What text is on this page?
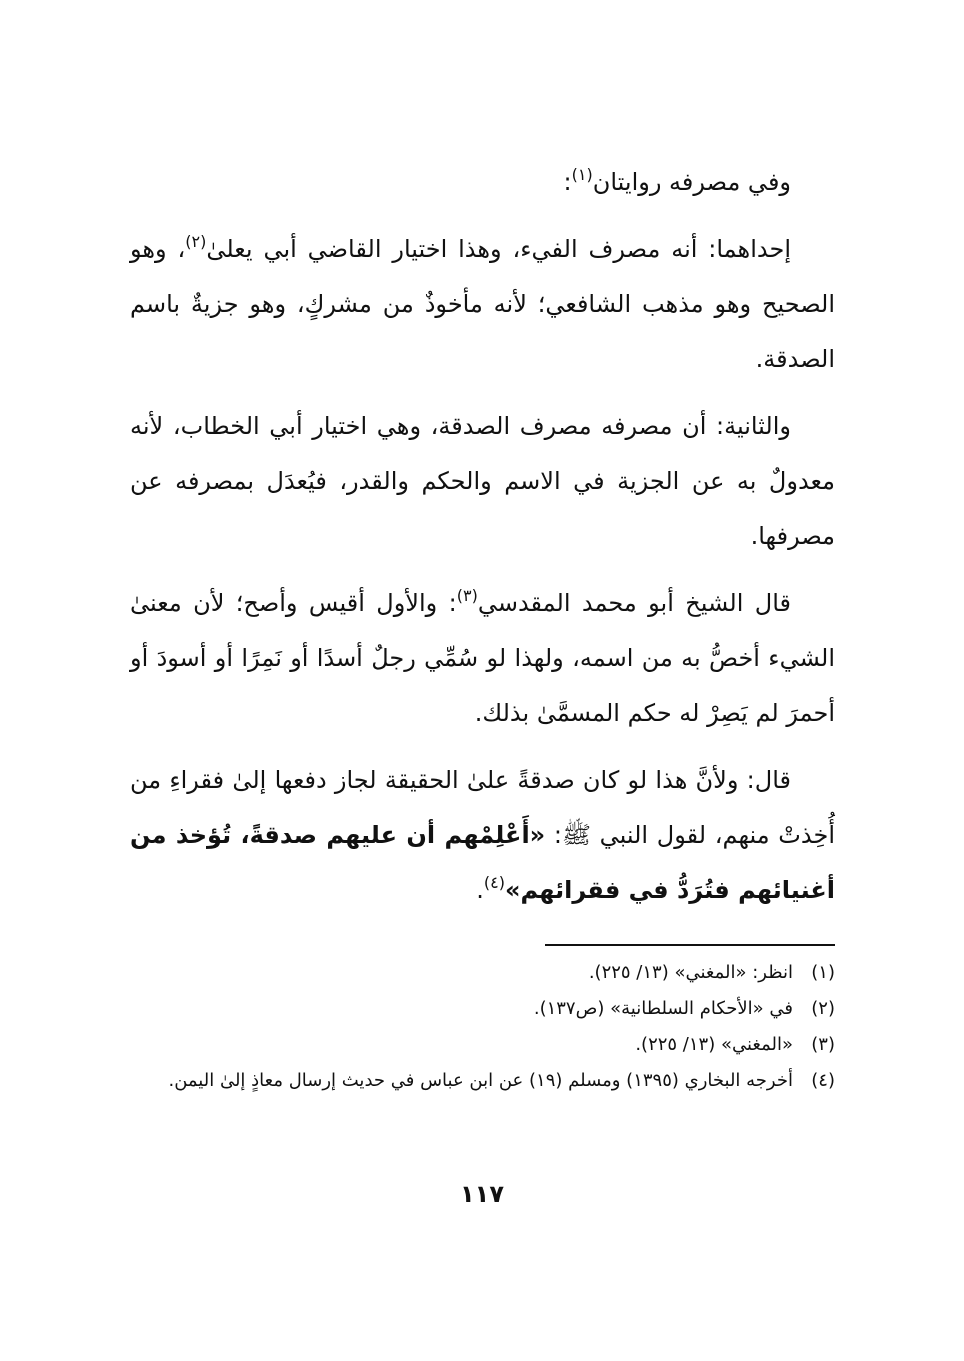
وفي مصرفه روايتان$^{(١)}$:

إحداهما: أنه مصرف الفيء، وهذا اختيار القاضي أبي يعلىٰ$^{(٢)}$، وهو الصحيح وهو مذهب الشافعي؛ لأنه مأخوذٌ من مشركٍ، وهو جزيةٌ باسم الصدقة.

والثانية: أن مصرفه مصرف الصدقة، وهي اختيار أبي الخطاب، لأنه معدولٌ به عن الجزية في الاسم والحكم والقدر، فيُعدَل بمصرفه عن مصرفها.

قال الشيخ أبو محمد المقدسي$^{(٣)}$: والأول أقيس وأصح؛ لأن معنىٰ الشيء أخصُّ به من اسمه، ولهذا لو سُمِّي رجلٌ أسدًا أو نَمِرًا أو أسودَ أو أحمرَ لم يَصِرْ له حكم المسمَّىٰ بذلك.

قال: ولأنَّ هذا لو كان صدقةً علىٰ الحقيقة لجاز دفعها إلىٰ فقراءِ من أُخِذتْ منهم، لقول النبي ﷺ: «أَعْلِمْهم أن عليهم صدقةً، تُؤخذ من أغنيائهم فتُرَدُّ في فقرائهم»$^{(٤)}$.

(١)
انظر: «المغني» (١٣/ ٢٢٥).
(٢)
في «الأحكام السلطانية» (ص١٣٧).
(٣)
«المغني» (١٣/ ٢٢٥).
(٤)
أخرجه البخاري (١٣٩٥) ومسلم (١٩) عن ابن عباس في حديث إرسال معاذٍ إلىٰ اليمن.
١١٧
